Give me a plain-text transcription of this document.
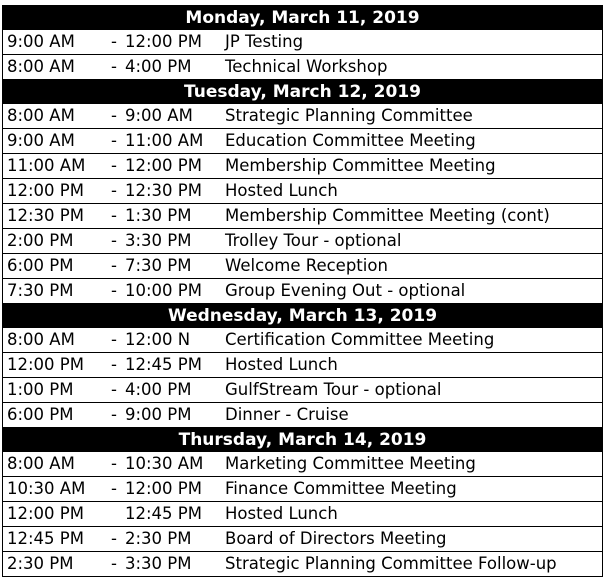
Monday, March 11, 2019
9:00 AM - 12:00 PM JP Testing
8:00 AM - 4:00 PM Technical Workshop
Tuesday, March 12, 2019
8:00 AM - 9:00 AM Strategic Planning Committee
9:00 AM - 11:00 AM Education Committee Meeting
11:00 AM - 12:00 PM Membership Committee Meeting
12:00 PM - 12:30 PM Hosted Lunch
12:30 PM - 1:30 PM Membership Committee Meeting (cont)
2:00 PM - 3:30 PM Trolley Tour - optional
6:00 PM - 7:30 PM Welcome Reception
7:30 PM - 10:00 PM Group Evening Out - optional
Wednesday, March 13, 2019
8:00 AM - 12:00 N Certification Committee Meeting
12:00 PM - 12:45 PM Hosted Lunch
1:00 PM - 4:00 PM GulfStream Tour - optional
6:00 PM - 9:00 PM Dinner - Cruise
Thursday, March 14, 2019
8:00 AM - 10:30 AM Marketing Committee Meeting
10:30 AM - 12:00 PM Finance Committee Meeting
12:00 PM 12:45 PM Hosted Lunch
12:45 PM - 2:30 PM Board of Directors Meeting
2:30 PM - 3:30 PM Strategic Planning Committee Follow-up
